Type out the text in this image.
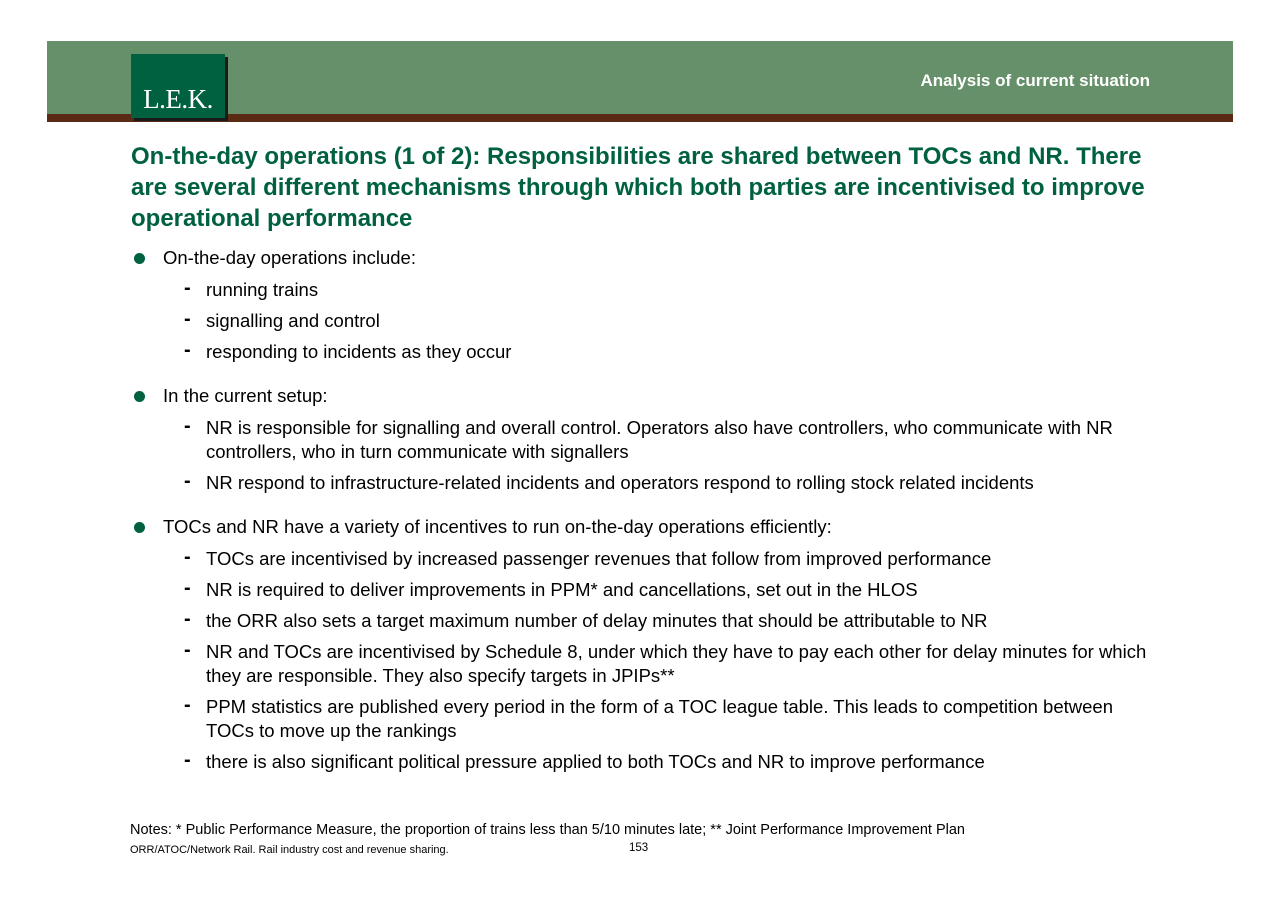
L.E.K.
Analysis of current situation
On-the-day operations (1 of 2): Responsibilities are shared between TOCs and NR. There are several different mechanisms through which both parties are incentivised to improve operational performance
On-the-day operations include:
- running trains
- signalling and control
- responding to incidents as they occur
In the current setup:
- NR is responsible for signalling and overall control. Operators also have controllers, who communicate with NR controllers, who in turn communicate with signallers
- NR respond to infrastructure-related incidents and operators respond to rolling stock related incidents
TOCs and NR have a variety of incentives to run on-the-day operations efficiently:
- TOCs are incentivised by increased passenger revenues that follow from improved performance
- NR is required to deliver improvements in PPM* and cancellations, set out in the HLOS
- the ORR also sets a target maximum number of delay minutes that should be attributable to NR
- NR and TOCs are incentivised by Schedule 8, under which they have to pay each other for delay minutes for which they are responsible. They also specify targets in JPIPs**
- PPM statistics are published every period in the form of a TOC league table. This leads to competition between TOCs to move up the rankings
- there is also significant political pressure applied to both TOCs and NR to improve performance
Notes: * Public Performance Measure, the proportion of trains less than 5/10 minutes late; ** Joint Performance Improvement Plan
ORR/ATOC/Network Rail. Rail industry cost and revenue sharing.	153
